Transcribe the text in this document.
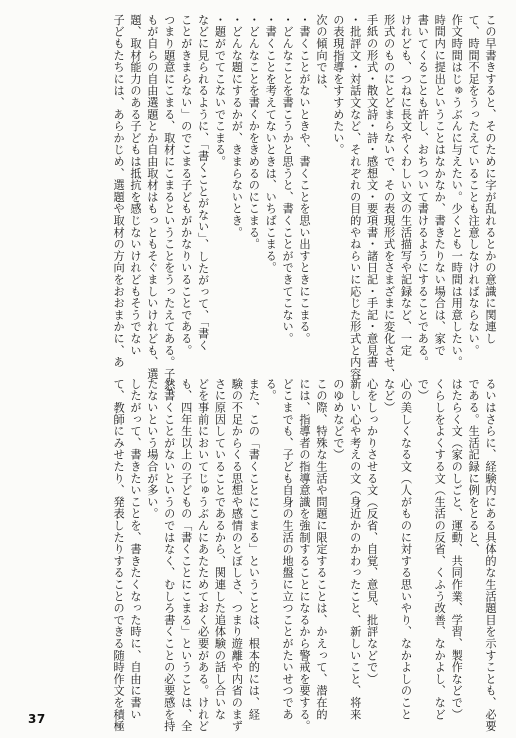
この早書きすると、そのために字が乱れるとかの意識に関連し
て、時間不足をうったえていることも注意しなければならない。
作文時間はじゅうぶんに与えたい。少くとも一時間は用意したい。
時間内に提出ということはなかなか、書きたりない場合は、家で
書いてくることも許し、おちついて書けるようにすることである。
けれども、つねに長文やくわしい文の生活描写や記録など、一定
形式のものにとどまらないで、その表現形式をさまざまに変化させ、
手紙の形式・散文詩・詩・感想文・要項書・諸日記・手記・意見書
・批評文・対話文など、それぞれの目的やねらいに応じた形式と内容
の表現指導をすすめたい。
次の傾向では、
・書くことがないときや、書くことを思い出すときにこまる。
・どんなことを書こうかと思うと、書くことができてこない。
・書くことを考えてないときは、いちばこまる。
・どんなことを書くかをきめるのにこまる。
・どんな題にするかが、きまらないとき。
・題がでてこないでこまる。
などに見られるように、「書くことがない」、したがって、「書く
ことがきまらない」のでこまる子どもがかなりいることである。
つまり題意にこまる、取材にこまるということをうったえてある。子ど
もが自らの自由選題とか自由取材はもっともそぐましいけれども、選
題、取材能力のある子どもは抵抗を感じないけれどもそうでない
子どもたちには、あらかじめ、選題や取材の方向をおおまかに、あ
るいはさらに、経験内にある具体的な生活題目を示すことも、必要
である。生活記録に例をとると、
はたらく文（家のしごと、運動、共同作業、学習、製作などで）
くらしをよくする文（生活の反省、くふう改善、なかよし、など
で）
心の美しくなる文（人がものに対する思いやり、なかよしのこと
など）
心をしっかりさせる文（反省、自覚、意見、批評などで）
新しい心や考えの文（身近かのかわったこと、新しいこと、将来
のゆめなどで）
この際、特殊な生活や問題に限定することは、かえって、潜在的
には、指導者の指導意識を強制することになるから警戒を要する。
どこまでも、子ども自身の生活の地盤に立つことがたいせつであ
る。
また、この「書くことにこまる」ということは、根本的には、経
験の不足からくる思想や感情のとぼしさ、つまり遊離や内省のまず
さに原因していることであるから、関連した追体験の話し合いな
どを事前においてじゅうぶんにあたためておく必要がある。けれど
も、四年生以上の子どもの「書くことにこまる」ということは、全
然書くことがないというのではなく、むしろ書くことの必要感を持
たないという場合が多い。
したがって、書きたいことを、書きたくなった時に、自由に書い
て、教師にみせたり、発表したりすることのできる随時作文を積極
37
